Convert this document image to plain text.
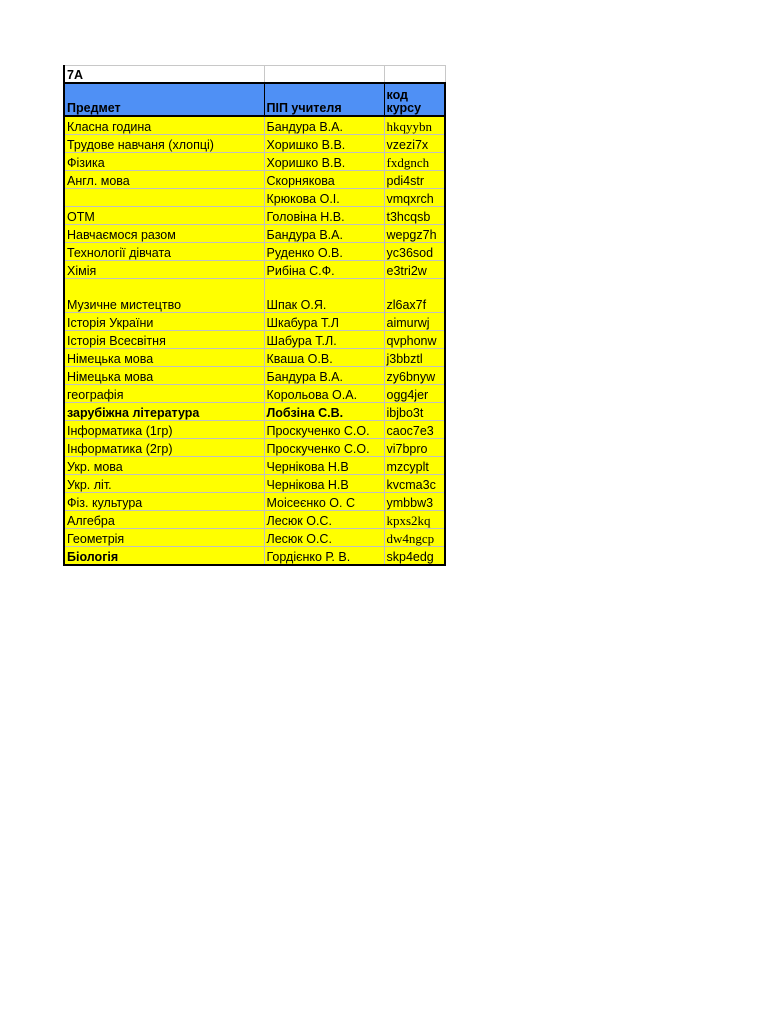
7А		
Предмет	ПІП учителя	код курсу
Класна година	Бандура В.А.	hkqyybn
Трудове навчаня (хлопці)	Хоришко В.В.	vzezi7x
Фізика	Хоришко В.В.	fxdgnch
Англ. мова	Скорнякова	pdi4str
	Крюкова О.І.	vmqxrch
ОТМ	Головіна Н.В.	t3hcqsb
Навчаємося разом	Бандура В.А.	wepgz7h
Технології дівчата	Руденко О.В.	yc36sod
Хімія	Рибіна С.Ф.	e3tri2w
Музичне мистецтво	Шпак О.Я.	zl6ax7f
Історія України	Шкабура Т.Л	aimurwj
Історія Всесвітня	Шабура Т.Л.	qvphonw
Німецька мова	Кваша О.В.	j3bbztl
Німецька мова	Бандура В.А.	zy6bnyw
географія	Корольова О.А.	ogg4jer
зарубіжна література	Лобзіна С.В.	ibjbo3t
Інформатика (1гр)	Проскученко С.О.	caoc7e3
Інформатика (2гр)	Проскученко С.О.	vi7bpro
Укр. мова	Чернікова Н.В	mzcyplt
Укр. літ.	Чернікова Н.В	kvcma3c
Фіз. культура	Моісеєнко О. С	ymbbw3
Алгебра	Лесюк О.С.	kpxs2kq
Геометрія	Лесюк О.С.	dw4ngcp
Біологія	Гордієнко Р. В.	skp4edg
